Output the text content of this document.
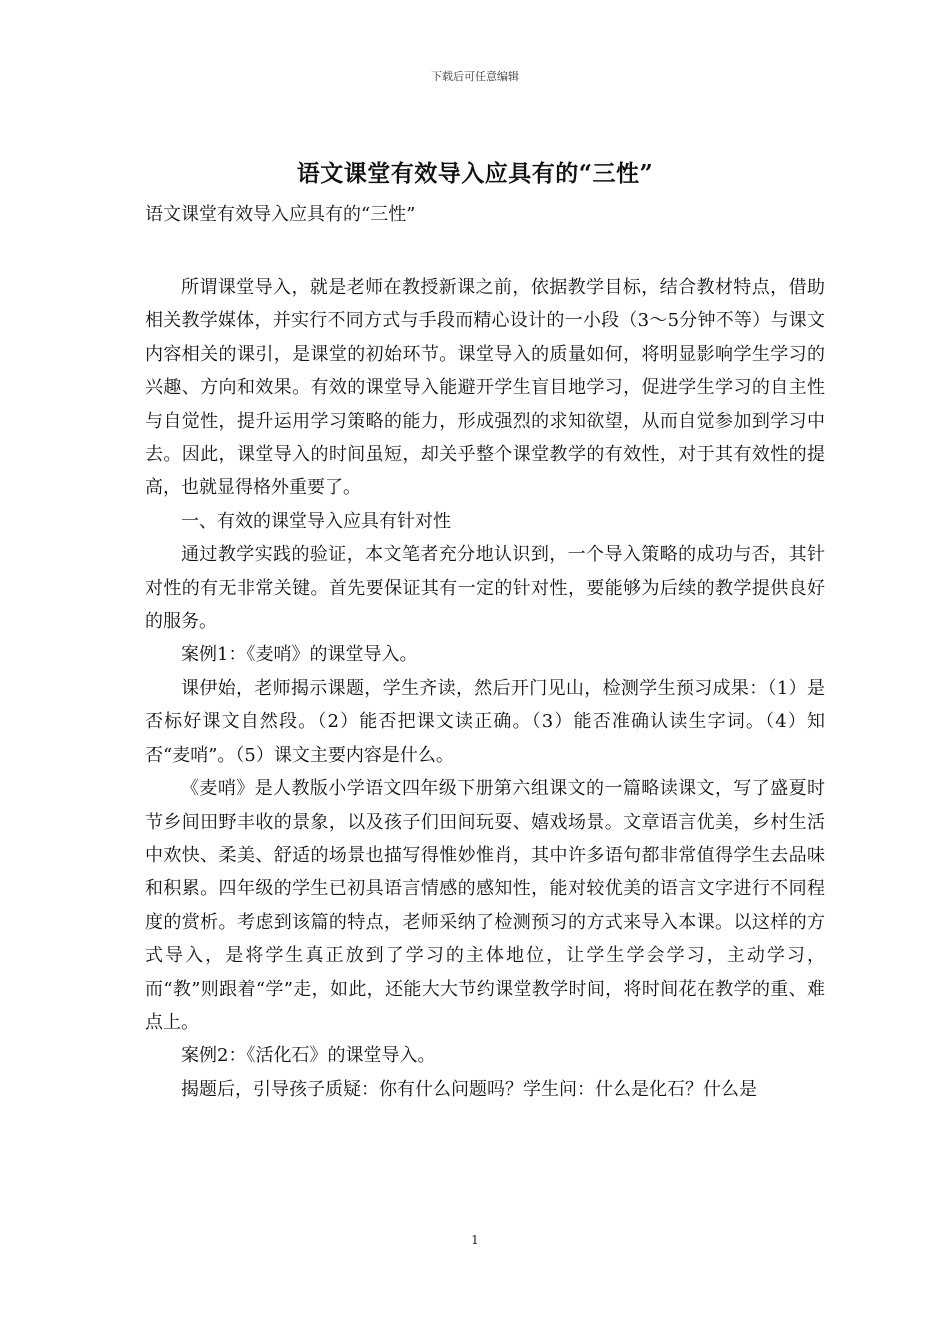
下载后可任意编辑
语文课堂有效导入应具有的“三性”
语文课堂有效导入应具有的“三性”

所谓课堂导入，就是老师在教授新课之前，依据教学目标，结合教材特点，借助相关教学媒体，并实行不同方式与手段而精心设计的一小段（3～5分钟不等）与课文内容相关的课引，是课堂的初始环节。课堂导入的质量如何，将明显影响学生学习的兴趣、方向和效果。有效的课堂导入能避开学生盲目地学习，促进学生学习的自主性与自觉性，提升运用学习策略的能力，形成强烈的求知欲望，从而自觉参加到学习中去。因此，课堂导入的时间虽短，却关乎整个课堂教学的有效性，对于其有效性的提高，也就显得格外重要了。

一、有效的课堂导入应具有针对性

通过教学实践的验证，本文笔者充分地认识到，一个导入策略的成功与否，其针对性的有无非常关键。首先要保证其有一定的针对性，要能够为后续的教学提供良好的服务。

案例1：《麦哨》的课堂导入。

课伊始，老师揭示课题，学生齐读，然后开门见山，检测学生预习成果：（1）是否标好课文自然段。（2）能否把课文读正确。（3）能否准确认读生字词。（4）知否“麦哨”。（5）课文主要内容是什么。

《麦哨》是人教版小学语文四年级下册第六组课文的一篇略读课文，写了盛夏时节乡间田野丰收的景象，以及孩子们田间玩耍、嬉戏场景。文章语言优美，乡村生活中欢快、柔美、舒适的场景也描写得惟妙惟肖，其中许多语句都非常值得学生去品味和积累。四年级的学生已初具语言情感的感知性，能对较优美的语言文字进行不同程度的赏析。考虑到该篇的特点，老师采纳了检测预习的方式来导入本课。以这样的方式导入，是将学生真正放到了学习的主体地位，让学生学会学习，主动学习，而“教”则跟着“学”走，如此，还能大大节约课堂教学时间，将时间花在教学的重、难点上。

案例2：《活化石》的课堂导入。

揭题后，引导孩子质疑：你有什么问题吗？学生问：什么是化石？什么是

1
